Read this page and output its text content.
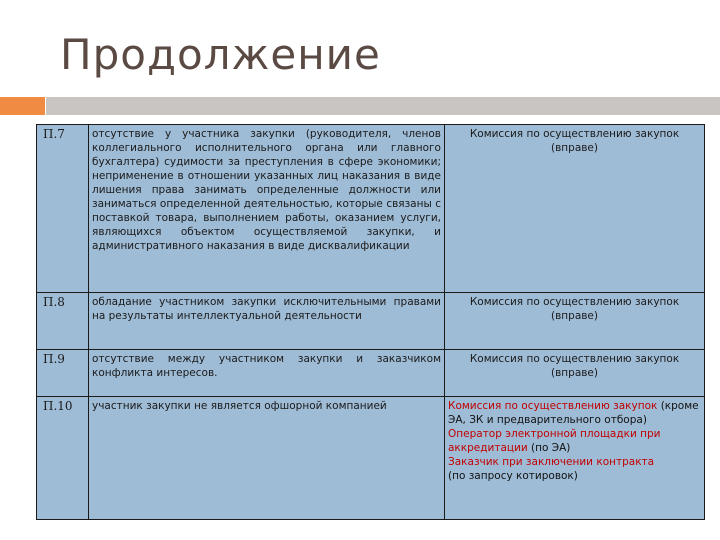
Продолжение
П.7	отсутствие у участника закупки (руководителя, членов коллегиального исполнительного органа или главного бухгалтера) судимости за преступления в сфере экономики; неприменение в отношении указанных лиц наказания в виде лишения права занимать определенные должности или заниматься определенной деятельностью, которые связаны с поставкой товара, выполнением работы, оказанием услуги, являющихся объектом осуществляемой закупки, и административного наказания в виде дисквалификации	Комиссия по осуществлению закупок (вправе)
П.8	обладание участником закупки исключительными правами на результаты интеллектуальной деятельности	Комиссия по осуществлению закупок (вправе)
П.9	отсутствие между участником закупки и заказчиком конфликта интересов.	Комиссия по осуществлению закупок (вправе)
П.10	участник закупки не является офшорной компанией	Комиссия по осуществлению закупок (кроме ЭА, ЗК и предварительного отбора)
Оператор электронной площадки при аккредитации (по ЭА)
Заказчик при заключении контракта
(по запросу котировок)
